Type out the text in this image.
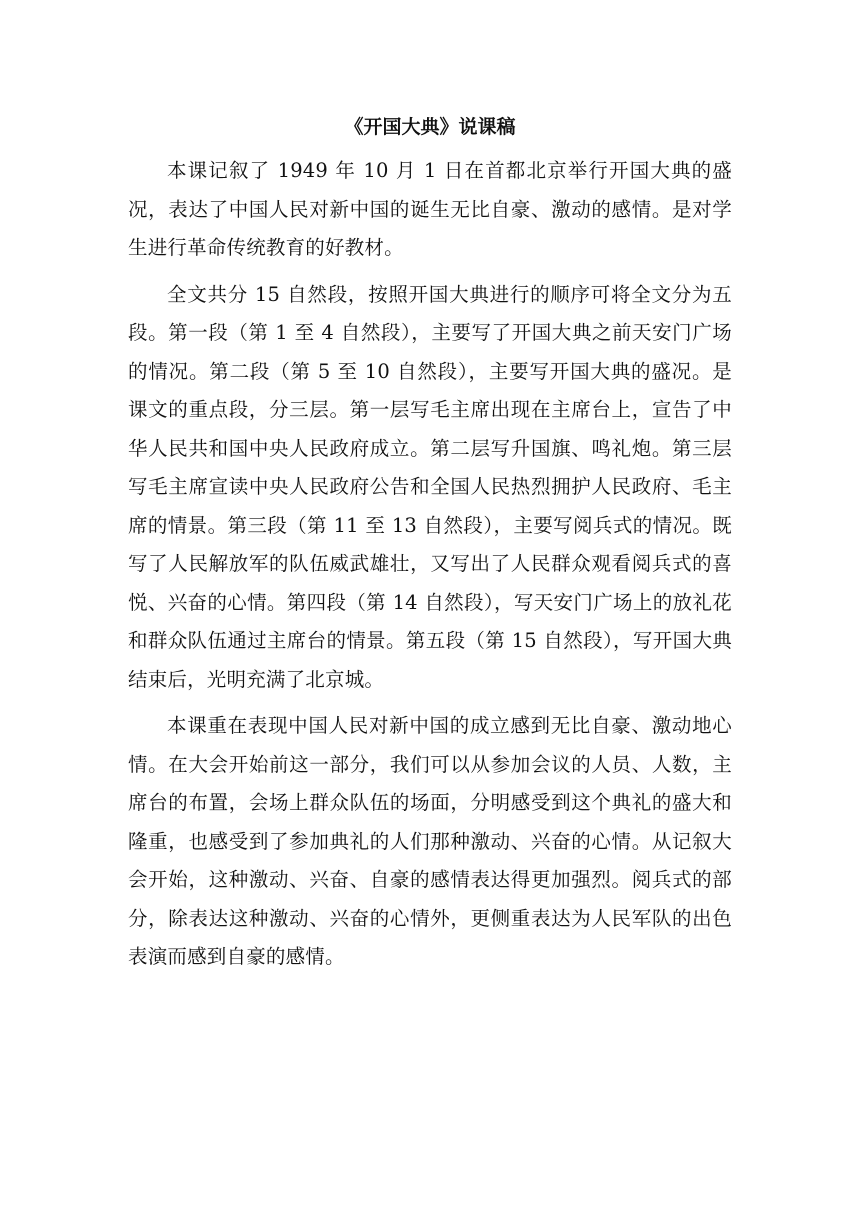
《开国大典》说课稿

本课记叙了 1949 年 10 月 1 日在首都北京举行开国大典的盛况，表达了中国人民对新中国的诞生无比自豪、激动的感情。是对学生进行革命传统教育的好教材。

全文共分 15 自然段，按照开国大典进行的顺序可将全文分为五段。第一段（第 1 至 4 自然段），主要写了开国大典之前天安门广场的情况。第二段（第 5 至 10 自然段），主要写开国大典的盛况。是课文的重点段，分三层。第一层写毛主席出现在主席台上，宣告了中华人民共和国中央人民政府成立。第二层写升国旗、鸣礼炮。第三层写毛主席宣读中央人民政府公告和全国人民热烈拥护人民政府、毛主席的情景。第三段（第 11 至 13 自然段），主要写阅兵式的情况。既写了人民解放军的队伍威武雄壮，又写出了人民群众观看阅兵式的喜悦、兴奋的心情。第四段（第 14 自然段），写天安门广场上的放礼花和群众队伍通过主席台的情景。第五段（第 15 自然段），写开国大典结束后，光明充满了北京城。

本课重在表现中国人民对新中国的成立感到无比自豪、激动地心情。在大会开始前这一部分，我们可以从参加会议的人员、人数，主席台的布置，会场上群众队伍的场面，分明感受到这个典礼的盛大和隆重，也感受到了参加典礼的人们那种激动、兴奋的心情。从记叙大会开始，这种激动、兴奋、自豪的感情表达得更加强烈。阅兵式的部分，除表达这种激动、兴奋的心情外，更侧重表达为人民军队的出色表演而感到自豪的感情。
